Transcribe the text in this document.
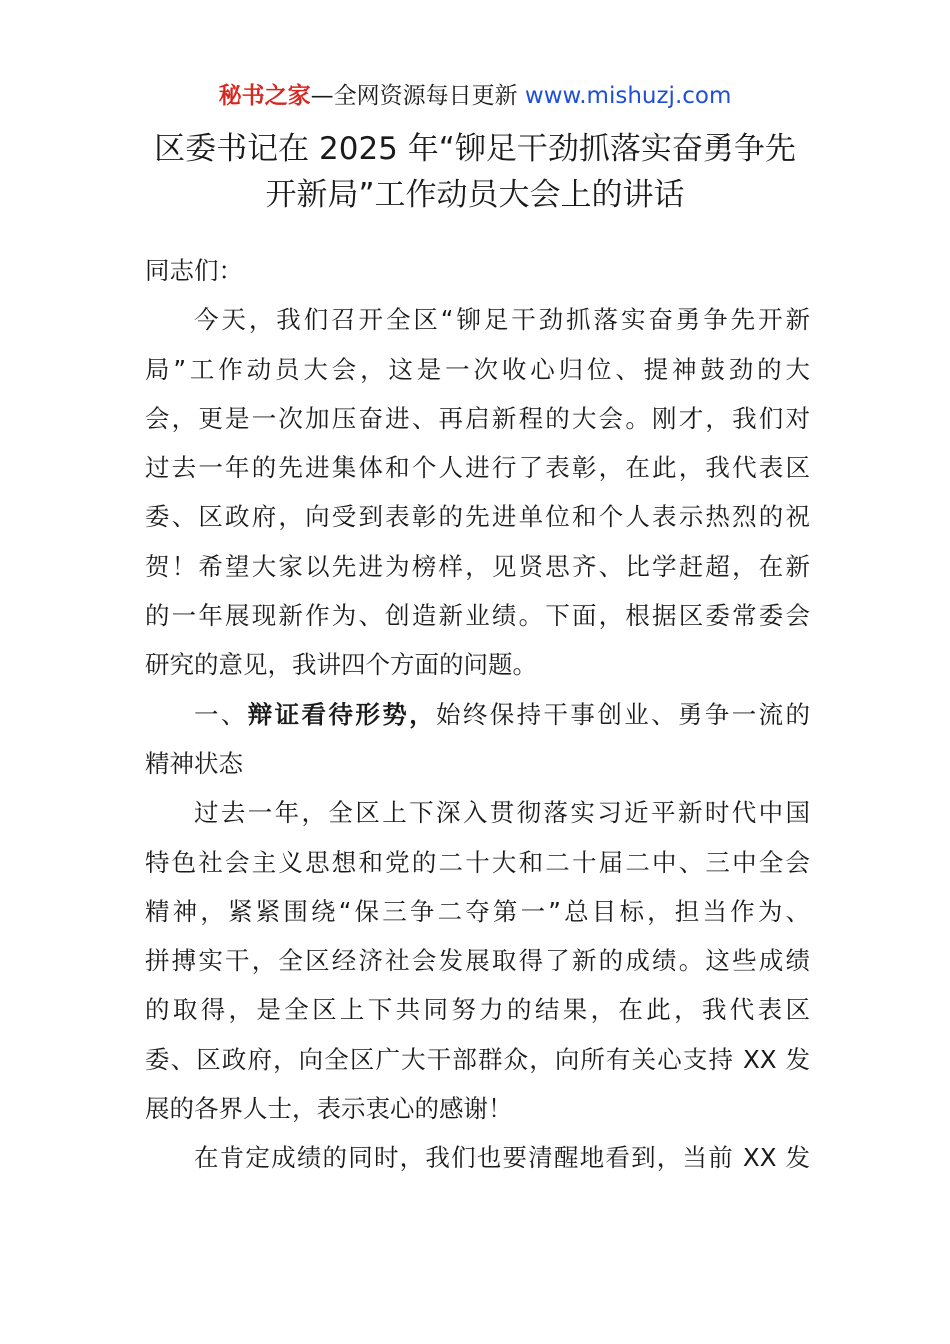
秘书之家—全网资源每日更新 www.mishuzj.com
区委书记在 2025 年“铆足干劲抓落实奋勇争先
开新局”工作动员大会上的讲话

同志们：

今天，我们召开全区“铆足干劲抓落实奋勇争先开新
局”工作动员大会，这是一次收心归位、提神鼓劲的大
会，更是一次加压奋进、再启新程的大会。刚才，我们对
过去一年的先进集体和个人进行了表彰，在此，我代表区
委、区政府，向受到表彰的先进单位和个人表示热烈的祝
贺！希望大家以先进为榜样，见贤思齐、比学赶超，在新
的一年展现新作为、创造新业绩。下面，根据区委常委会
研究的意见，我讲四个方面的问题。

一、辩证看待形势，始终保持干事创业、勇争一流的
精神状态

过去一年，全区上下深入贯彻落实习近平新时代中国
特色社会主义思想和党的二十大和二十届二中、三中全会
精神，紧紧围绕“保三争二夺第一”总目标，担当作为、
拼搏实干，全区经济社会发展取得了新的成绩。这些成绩
的取得，是全区上下共同努力的结果，在此，我代表区
委、区政府，向全区广大干部群众，向所有关心支持 XX 发
展的各界人士，表示衷心的感谢！

在肯定成绩的同时，我们也要清醒地看到，当前 XX 发
